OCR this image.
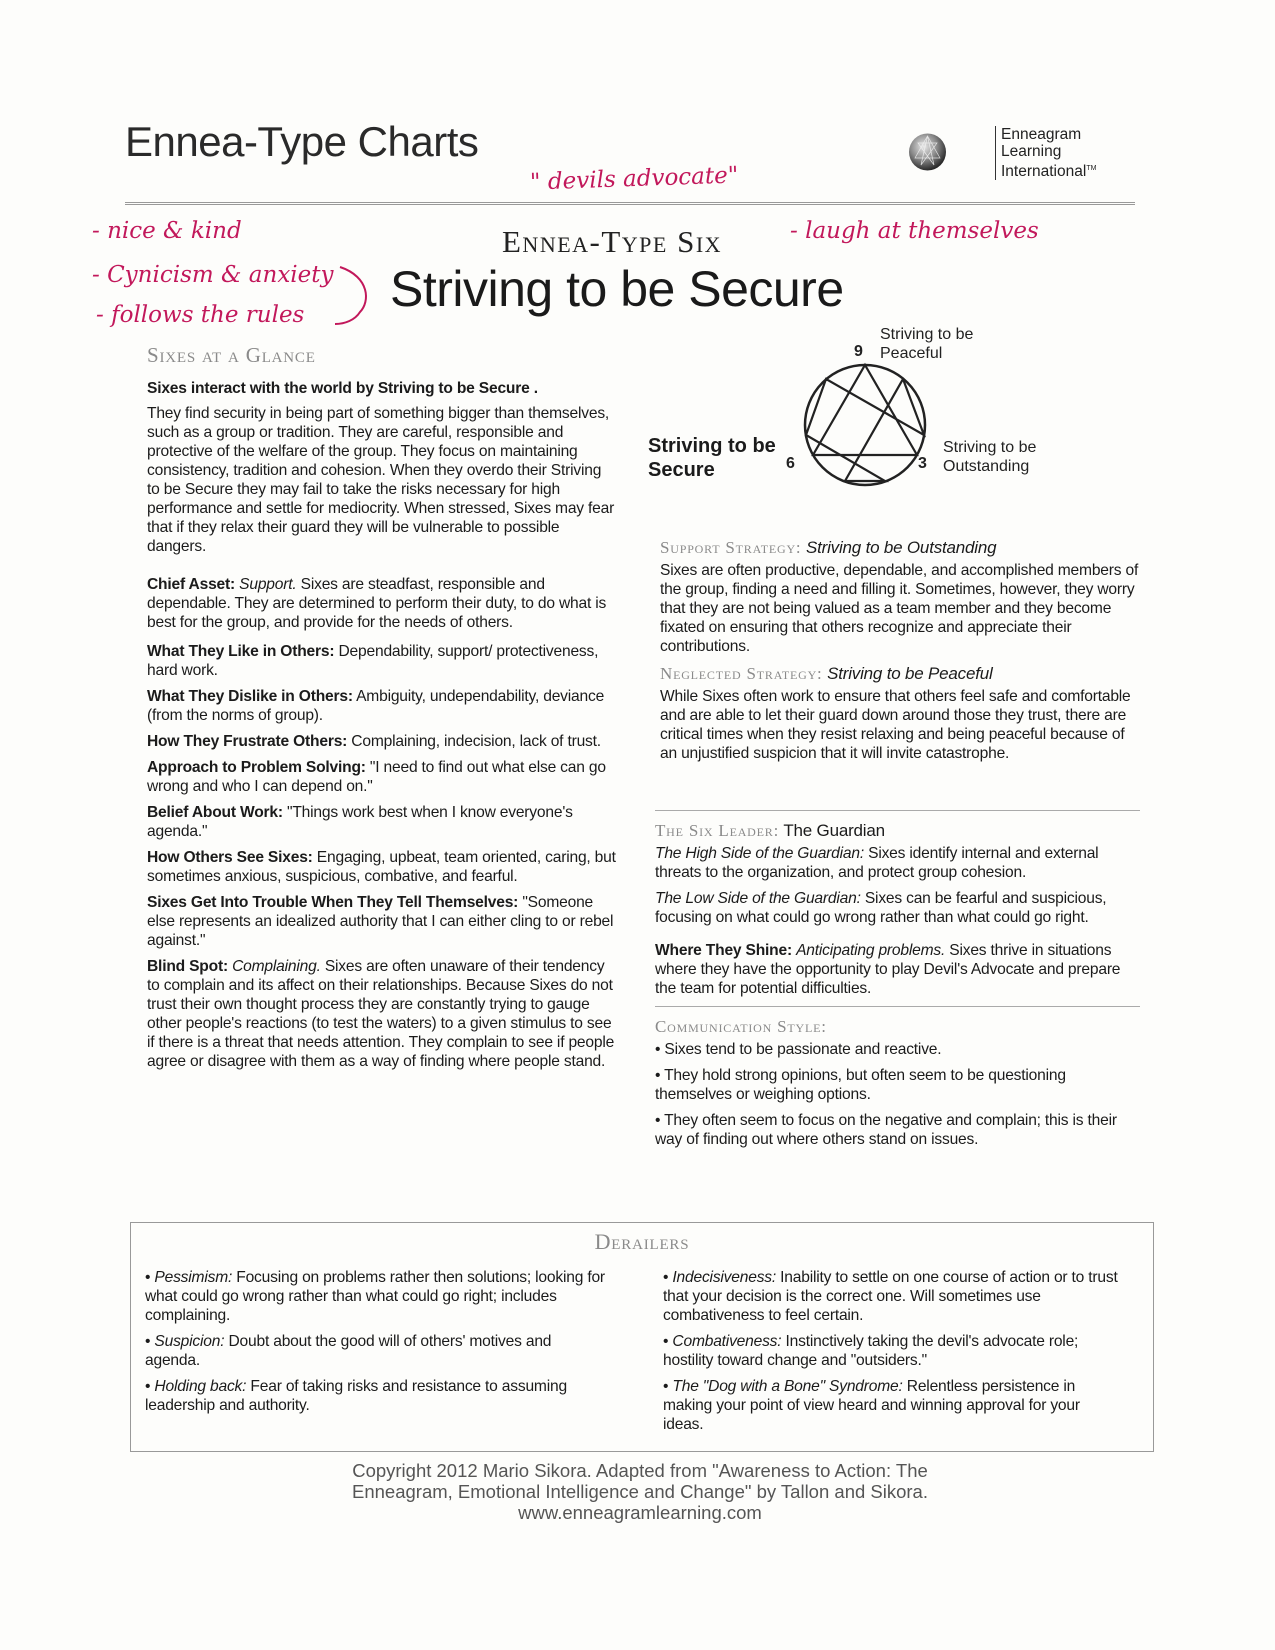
Ennea-Type Charts	Enneagram
Learning
International™
" devils advocate"
- nice & kind	- laugh at themselves
- Cynicism & anxiety
- follows the rules
Ennea-Type Six
Striving to be Secure
Striving to be
Peaceful
9
Striving to be
Secure	6
Striving to be
Outstanding
3
Sixes at a Glance

Sixes interact with the world by Striving to be Secure .

They find security in being part of something bigger than themselves, such as a group or tradition. They are careful, responsible and protective of the welfare of the group. They focus on maintaining consistency, tradition and cohesion. When they overdo their Striving to be Secure they may fail to take the risks necessary for high performance and settle for mediocrity. When stressed, Sixes may fear that if they relax their guard they will be vulnerable to possible dangers.

Chief Asset: Support. Sixes are steadfast, responsible and dependable. They are determined to perform their duty, to do what is best for the group, and provide for the needs of others.

What They Like in Others: Dependability, support/ protectiveness, hard work.

What They Dislike in Others: Ambiguity, undependability, deviance (from the norms of group).

How They Frustrate Others: Complaining, indecision, lack of trust.

Approach to Problem Solving: "I need to find out what else can go wrong and who I can depend on."

Belief About Work: "Things work best when I know everyone's agenda."

How Others See Sixes: Engaging, upbeat, team oriented, caring, but sometimes anxious, suspicious, combative, and fearful.

Sixes Get Into Trouble When They Tell Themselves: "Someone else represents an idealized authority that I can either cling to or rebel against."

Blind Spot: Complaining. Sixes are often unaware of their tendency to complain and its affect on their relationships. Because Sixes do not trust their own thought process they are constantly trying to gauge other people's reactions (to test the waters) to a given stimulus to see if there is a threat that needs attention. They complain to see if people agree or disagree with them as a way of finding where people stand.

Support Strategy: Striving to be Outstanding

Sixes are often productive, dependable, and accomplished members of the group, finding a need and filling it. Sometimes, however, they worry that they are not being valued as a team member and they become fixated on ensuring that others recognize and appreciate their contributions.

Neglected Strategy: Striving to be Peaceful

While Sixes often work to ensure that others feel safe and comfortable and are able to let their guard down around those they trust, there are critical times when they resist relaxing and being peaceful because of an unjustified suspicion that it will invite catastrophe.

The Six Leader: The Guardian

The High Side of the Guardian: Sixes identify internal and external threats to the organization, and protect group cohesion.

The Low Side of the Guardian: Sixes can be fearful and suspicious, focusing on what could go wrong rather than what could go right.

Where They Shine: Anticipating problems. Sixes thrive in situations where they have the opportunity to play Devil's Advocate and prepare the team for potential difficulties.

Communication Style:

• Sixes tend to be passionate and reactive.

• They hold strong opinions, but often seem to be questioning themselves or weighing options.

• They often seem to focus on the negative and complain; this is their way of finding out where others stand on issues.

Derailers

• Pessimism: Focusing on problems rather then solutions; looking for what could go wrong rather than what could go right; includes complaining.

• Suspicion: Doubt about the good will of others' motives and agenda.

• Holding back: Fear of taking risks and resistance to assuming leadership and authority.

• Indecisiveness: Inability to settle on one course of action or to trust that your decision is the correct one. Will sometimes use combativeness to feel certain.

• Combativeness: Instinctively taking the devil's advocate role; hostility toward change and "outsiders."

• The "Dog with a Bone" Syndrome: Relentless persistence in making your point of view heard and winning approval for your ideas.

Copyright 2012 Mario Sikora. Adapted from "Awareness to Action: The
Enneagram, Emotional Intelligence and Change" by Tallon and Sikora.
www.enneagramlearning.com
